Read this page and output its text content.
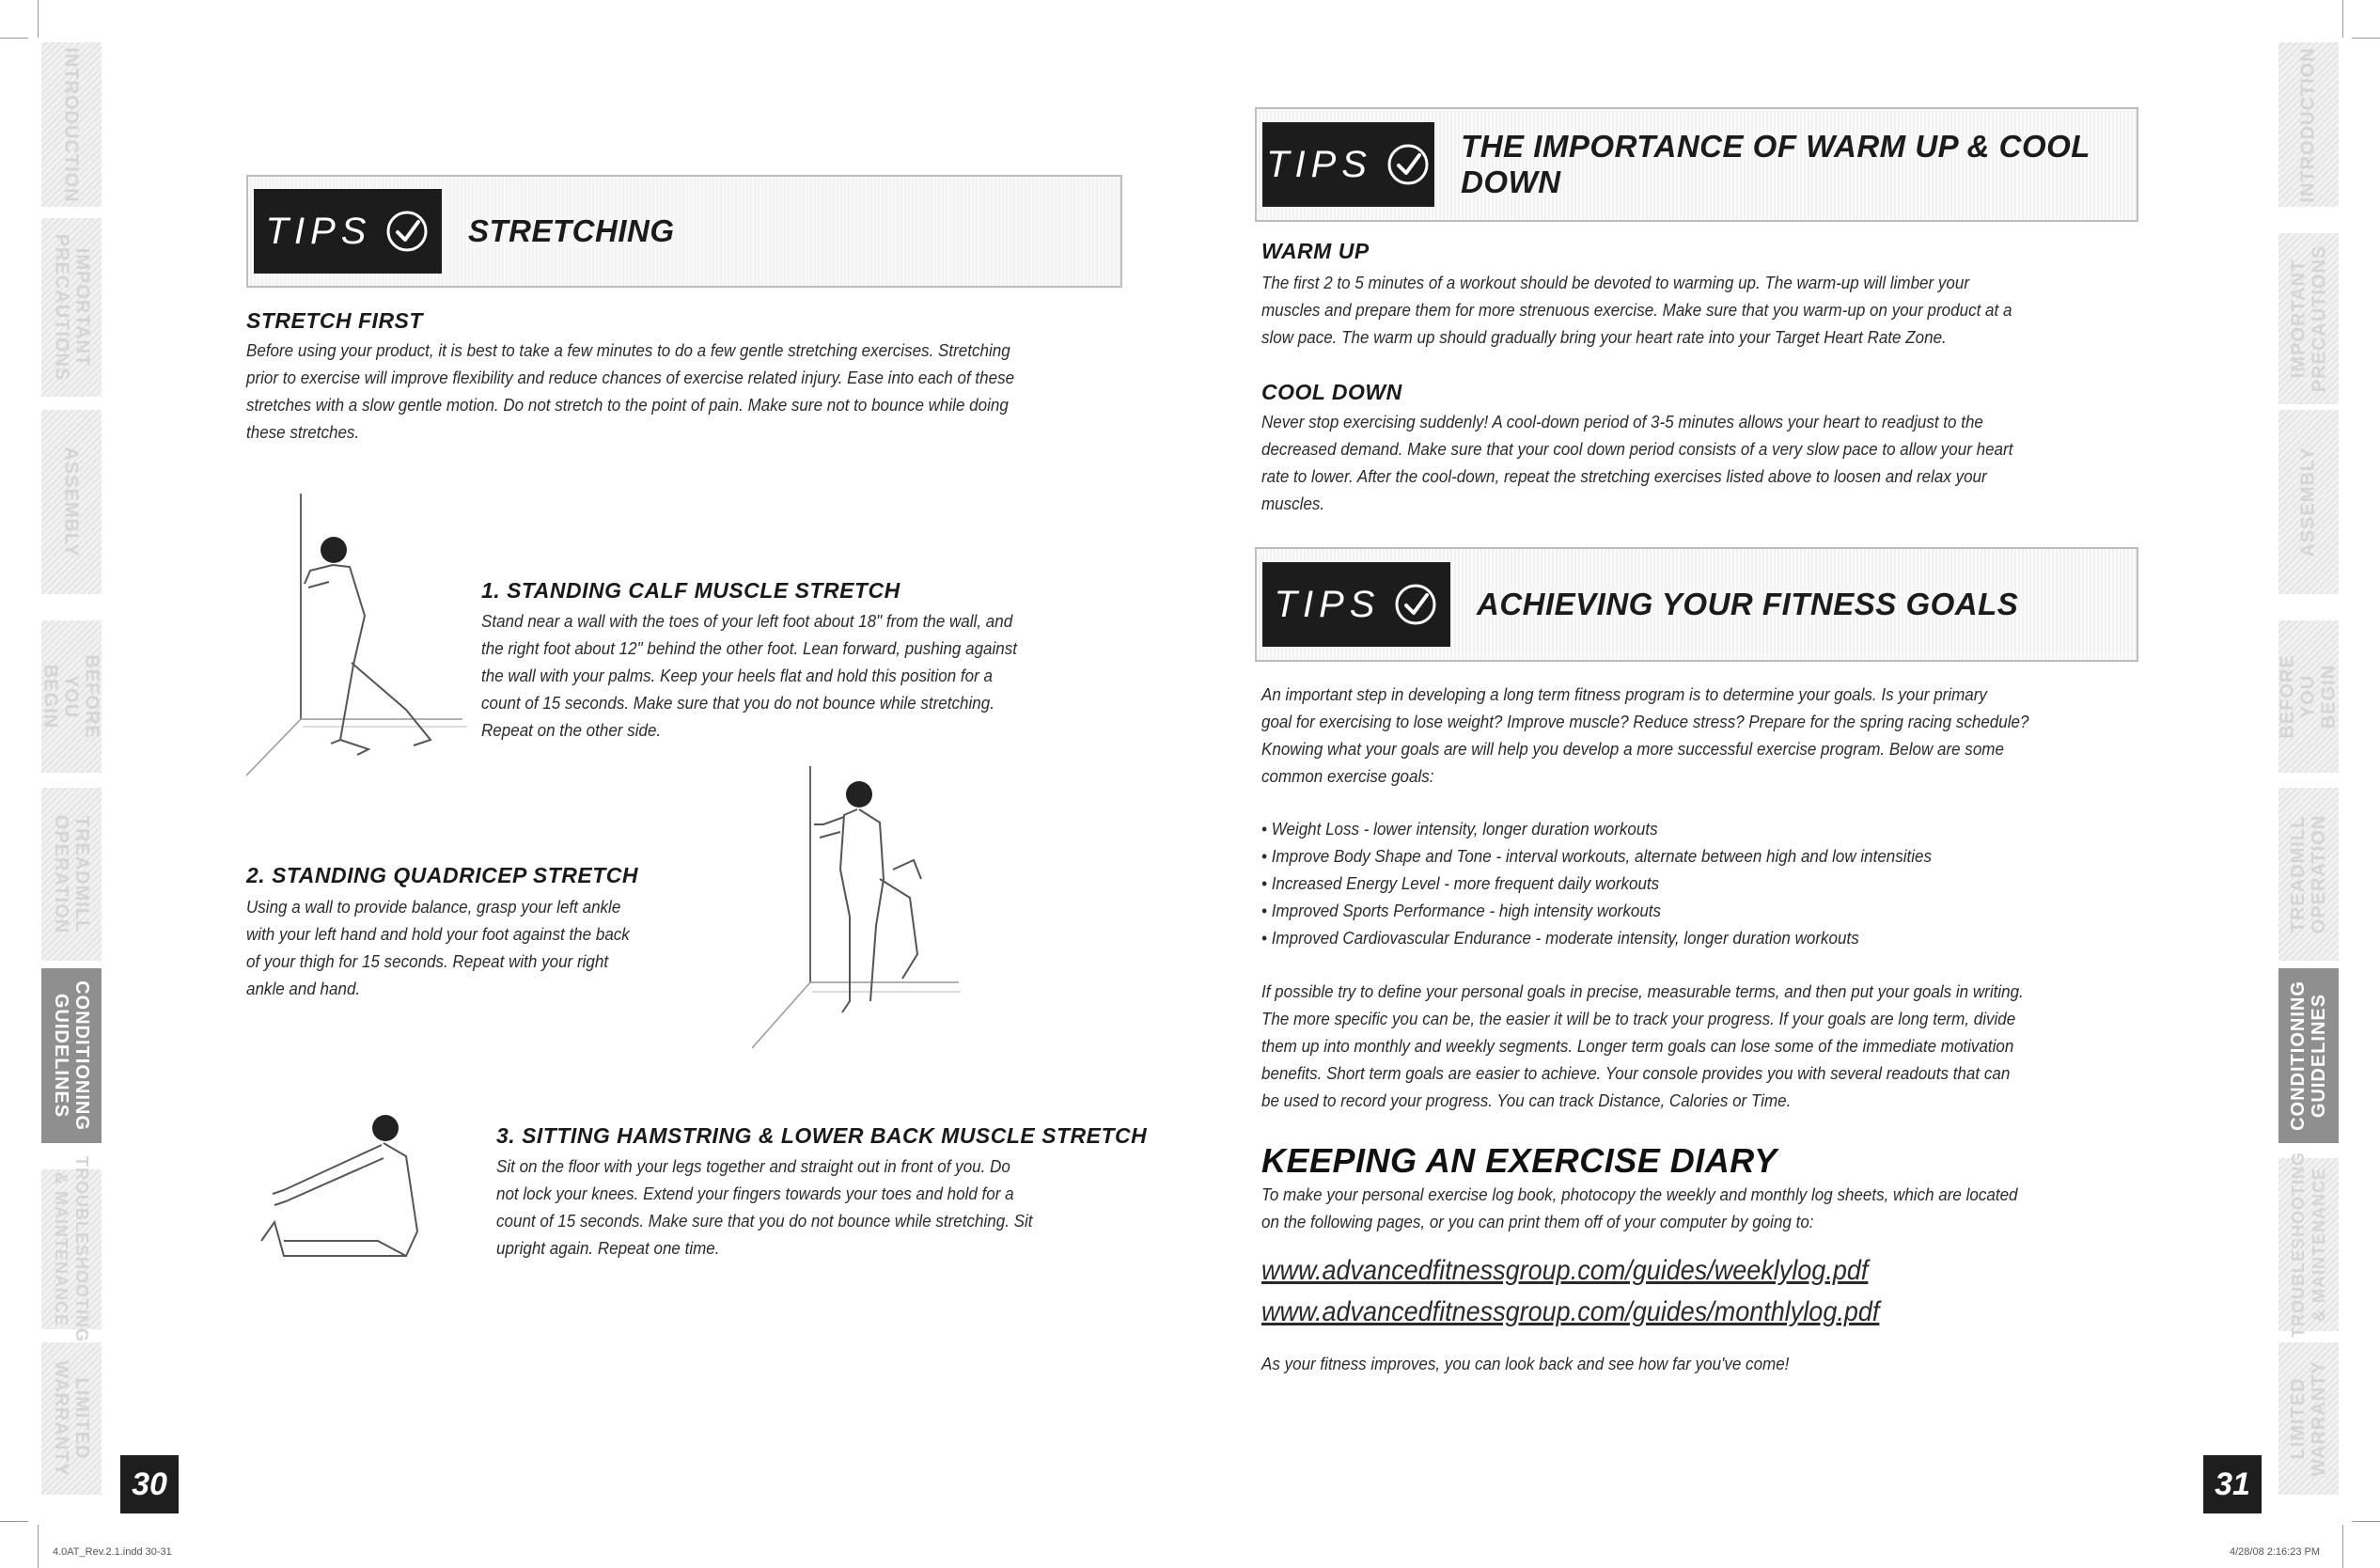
INTRODUCTION
IMPORTANT
PRECAUTIONS
ASSEMBLY
BEFORE
YOU BEGIN
TREADMILL
OPERATION
CONDITIONING
GUIDELINES
TROUBLESHOOTING
& MAINTENANCE
LIMITED
WARRANTY
INTRODUCTION
IMPORTANT
PRECAUTIONS
ASSEMBLY
BEFORE
YOU BEGIN
TREADMILL
OPERATION
CONDITIONING
GUIDELINES
TROUBLESHOOTING
& MAINTENANCE
LIMITED
WARRANTY
TIPS	STRETCHING
STRETCH FIRST
Before using your product, it is best to take a few minutes to do a few gentle stretching exercises. Stretching
prior to exercise will improve flexibility and reduce chances of exercise related injury. Ease into each of these
stretches with a slow gentle motion. Do not stretch to the point of pain. Make sure not to bounce while doing
these stretches.
1. STANDING CALF MUSCLE STRETCH
Stand near a wall with the toes of your left foot about 18" from the wall, and
the right foot about 12" behind the other foot. Lean forward, pushing against
the wall with your palms. Keep your heels flat and hold this position for a
count of 15 seconds. Make sure that you do not bounce while stretching.
Repeat on the other side.
2. STANDING QUADRICEP STRETCH
Using a wall to provide balance, grasp your left ankle
with your left hand and hold your foot against the back
of your thigh for 15 seconds. Repeat with your right
ankle and hand.
3. SITTING HAMSTRING & LOWER BACK MUSCLE STRETCH
Sit on the floor with your legs together and straight out in front of you. Do
not lock your knees. Extend your fingers towards your toes and hold for a
count of 15 seconds. Make sure that you do not bounce while stretching. Sit
upright again. Repeat one time.
30
TIPS	THE IMPORTANCE OF WARM UP & COOL DOWN
WARM UP
The first 2 to 5 minutes of a workout should be devoted to warming up. The warm-up will limber your
muscles and prepare them for more strenuous exercise. Make sure that you warm-up on your product at a
slow pace. The warm up should gradually bring your heart rate into your Target Heart Rate Zone.
COOL DOWN
Never stop exercising suddenly! A cool-down period of 3-5 minutes allows your heart to readjust to the
decreased demand. Make sure that your cool down period consists of a very slow pace to allow your heart
rate to lower. After the cool-down, repeat the stretching exercises listed above to loosen and relax your
muscles.
TIPS	ACHIEVING YOUR FITNESS GOALS
An important step in developing a long term fitness program is to determine your goals. Is your primary
goal for exercising to lose weight? Improve muscle? Reduce stress? Prepare for the spring racing schedule?
Knowing what your goals are will help you develop a more successful exercise program. Below are some
common exercise goals:
• Weight Loss - lower intensity, longer duration workouts
• Improve Body Shape and Tone - interval workouts, alternate between high and low intensities
• Increased Energy Level - more frequent daily workouts
• Improved Sports Performance - high intensity workouts
• Improved Cardiovascular Endurance - moderate intensity, longer duration workouts
If possible try to define your personal goals in precise, measurable terms, and then put your goals in writing.
The more specific you can be, the easier it will be to track your progress. If your goals are long term, divide
them up into monthly and weekly segments. Longer term goals can lose some of the immediate motivation
benefits. Short term goals are easier to achieve. Your console provides you with several readouts that can
be used to record your progress. You can track Distance, Calories or Time.
KEEPING AN EXERCISE DIARY
To make your personal exercise log book, photocopy the weekly and monthly log sheets, which are located
on the following pages, or you can print them off of your computer by going to:
www.advancedfitnessgroup.com/guides/weeklylog.pdf
www.advancedfitnessgroup.com/guides/monthlylog.pdf
As your fitness improves, you can look back and see how far you've come!
31
4.0AT_Rev.2.1.indd 30-31	4/28/08 2:16:23 PM
